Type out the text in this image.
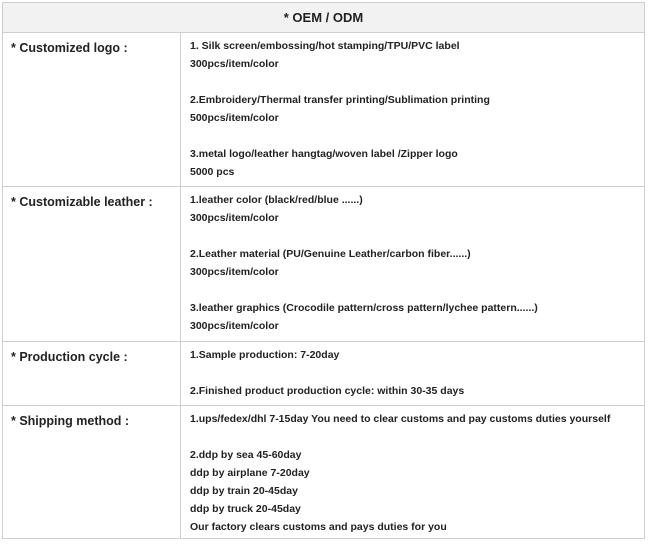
* OEM / ODM
* Customized logo :	1. Silk screen/embossing/hot stamping/TPU/PVC label
300pcs/item/color
2.Embroidery/Thermal transfer printing/Sublimation printing
500pcs/item/color
3.metal logo/leather hangtag/woven label /Zipper logo
5000 pcs
* Customizable leather :	1.leather color (black/red/blue ......)
300pcs/item/color
2.Leather material (PU/Genuine Leather/carbon fiber......)
300pcs/item/color
3.leather graphics (Crocodile pattern/cross pattern/lychee pattern......)
300pcs/item/color
* Production cycle :	1.Sample production: 7-20day
2.Finished product production cycle: within 30-35 days
* Shipping method :	1.ups/fedex/dhl 7-15day You need to clear customs and pay customs duties yourself
2.ddp by sea 45-60day
ddp by airplane 7-20day
ddp by train 20-45day
ddp by truck 20-45day
Our factory clears customs and pays duties for you
